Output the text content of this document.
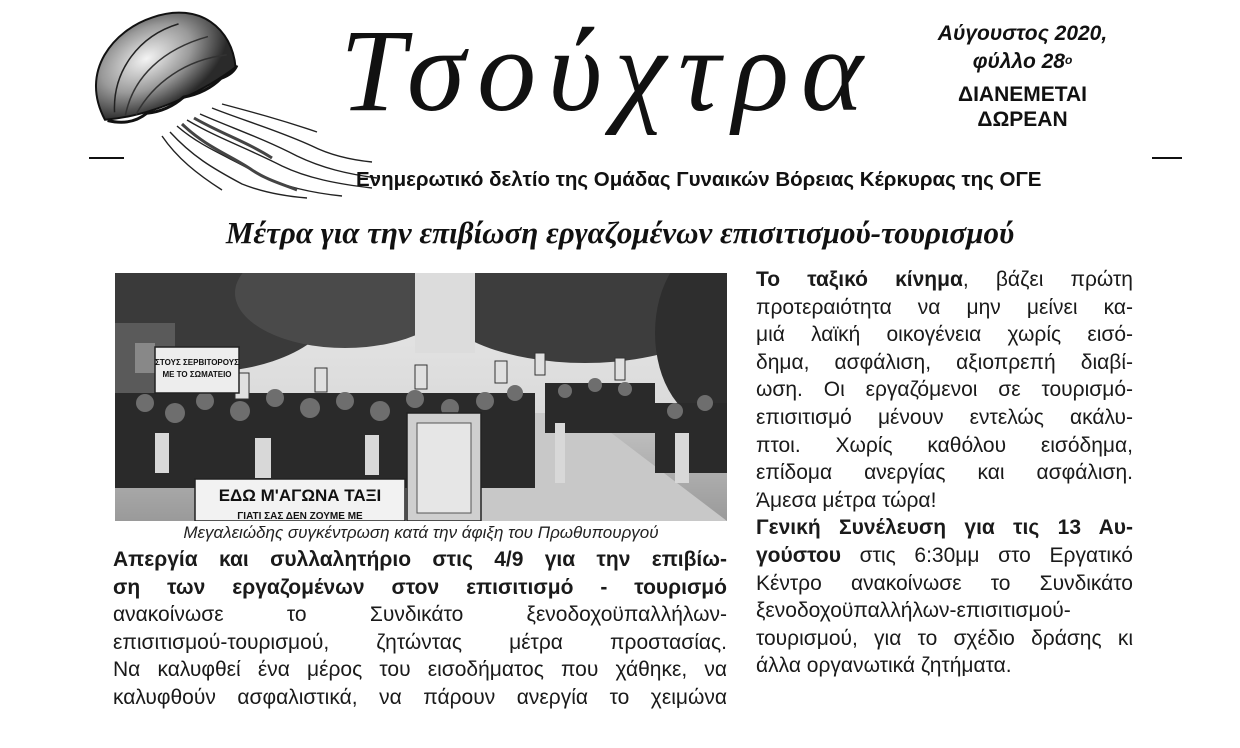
Τσούχτρα	Αύγουστος 2020,
φύλλο $28^o$
ΔΙΑΝΕΜΕΤΑΙ
ΔΩΡΕΑΝ
Ενημερωτικό δελτίο της Ομάδας Γυναικών Βόρειας Κέρκυρας της ΟΓΕ
Μέτρα για την επιβίωση εργαζομένων επισιτισμού-τουρισμού
ΣΤΟΥΣ ΣΕΡΒΙΤΟΡΟΥΣ
ΜΕ ΤΟ ΣΩΜΑΤΕΙΟ
ΕΔΩ Μ'ΑΓΩΝΑ ΤΑΞΙ
ΓΙΑΤΙ ΣΑΣ ΔΕΝ ΖΟΥΜΕ ΜΕ
Μεγαλειώδης συγκέντρωση κατά την άφιξη του Πρωθυπουργού
Απεργία και συλλαλητήριο στις 4/9 για την επιβίω-
ση των εργαζομένων στον επισιτισμό - τουρισμό
ανακοίνωσε το Συνδικάτο ξενοδοχοϋπαλλήλων-
επισιτισμού-τουρισμού, ζητώντας μέτρα προστασίας.
Να καλυφθεί ένα μέρος του εισοδήματος που χάθηκε, να
καλυφθούν ασφαλιστικά, να πάρουν ανεργία το χειμώνα
Το ταξικό κίνημα, βάζει πρώτη
προτεραιότητα να μην μείνει κα-
μιά λαϊκή οικογένεια χωρίς εισό-
δημα, ασφάλιση, αξιοπρεπή διαβί-
ωση. Οι εργαζόμενοι σε τουρισμό-
επισιτισμό μένουν εντελώς ακάλυ-
πτοι. Χωρίς καθόλου εισόδημα,
επίδομα ανεργίας και ασφάλιση.
Άμεσα μέτρα τώρα!
Γενική Συνέλευση για τις 13 Αυ-
γούστου στις 6:30μμ στο Εργατικό
Κέντρο ανακοίνωσε το Συνδικάτο
ξενοδοχοϋπαλλήλων-επισιτισμού-
τουρισμού, για το σχέδιο δράσης κι
άλλα οργανωτικά ζητήματα.
